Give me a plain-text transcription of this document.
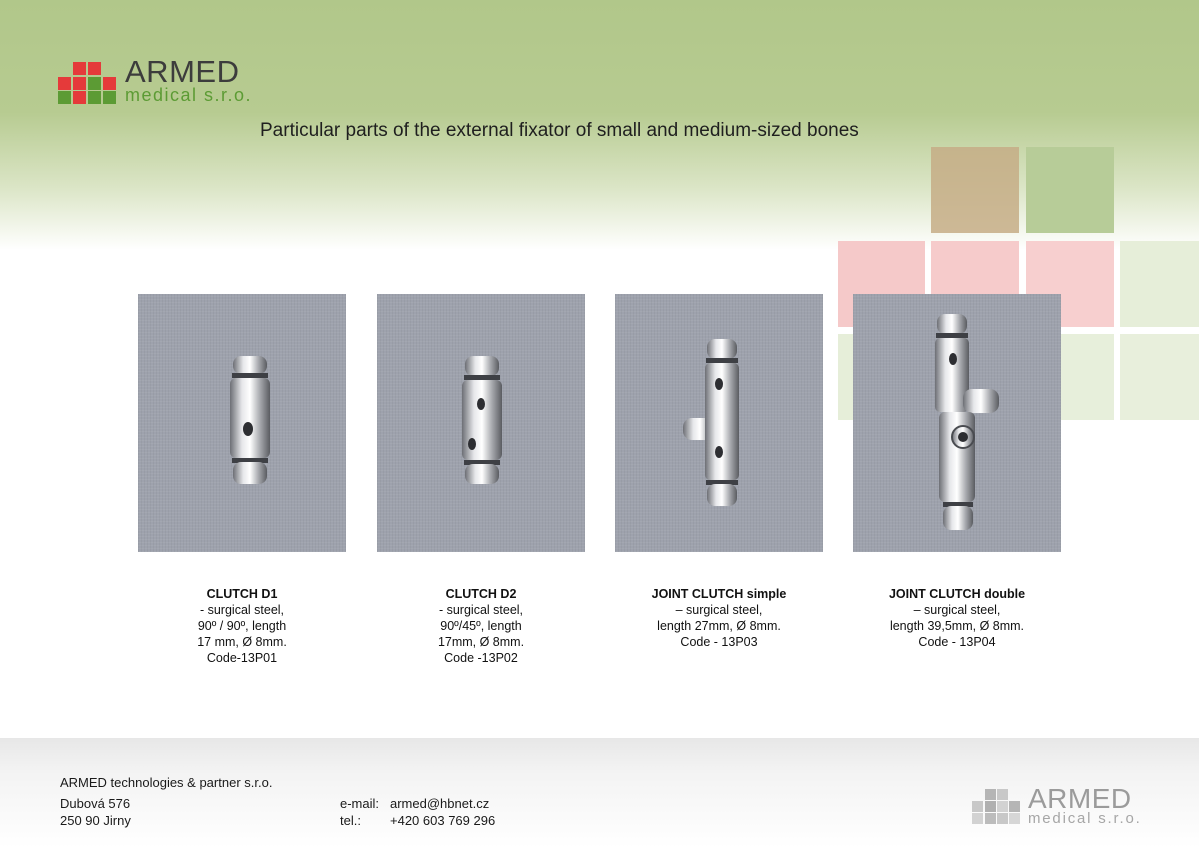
ARMED
medical s.r.o.
Particular parts of the external fixator of small and medium-sized bones
CLUTCH D1
- surgical steel,
90º / 90º, length
17 mm, Ø 8mm.
Code-13P01
CLUTCH D2
- surgical steel,
90º/45º, length
17mm, Ø 8mm.
Code -13P02
JOINT CLUTCH simple
– surgical steel,
length 27mm, Ø 8mm.
Code - 13P03
JOINT CLUTCH double
– surgical steel,
length 39,5mm, Ø 8mm.
Code - 13P04
ARMED technologies & partner s.r.o.
Dubová 576
250 90 Jirny
e-mail: armed@hbnet.cz
tel.: +420 603 769 296
ARMED
medical s.r.o.
